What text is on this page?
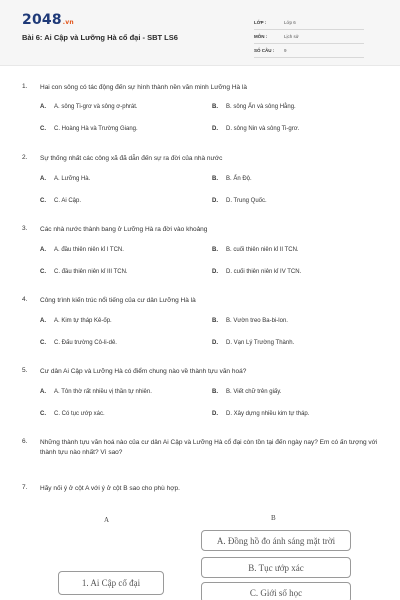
2048.vn
Bài 6: Ai Cập và Lưỡng Hà cổ đại - SBT LS6
LỚP :	Lớp 6
MÔN :	Lịch sử
SỐ CÂU :	9
1. Hai con sông có tác động đến sự hình thành nền văn minh Lưỡng Hà là
A.	A. sông Ti-grơ và sông ơ-phrát.	B.	B. sông Ấn và sông Hằng.
C.	C. Hoàng Hà và Trường Giang.	D.	D. sông Nin và sông Ti-grơ.
2. Sự thống nhất các công xã đã dẫn đến sự ra đời của nhà nước
A.	A. Lưỡng Hà.	B.	B. Ấn Độ.
C.	C. Ai Cập.	D.	D. Trung Quốc.
3. Các nhà nước thành bang ở Lưỡng Hà ra đời vào khoảng
A.	A. đầu thiên niên kỉ I TCN.	B.	B. cuối thiên niên kỉ II TCN.
C.	C. đầu thiên niên kỉ III TCN.	D.	D. cuối thiên niên kỉ IV TCN.
4. Công trình kiến trúc nổi tiếng của cư dân Lưỡng Hà là
A.	A. Kim tự tháp Kê-ốp.	B.	B. Vườn treo Ba-bi-lon.
C.	C. Đấu trường Cô-li-dê.	D.	D. Vạn Lý Trường Thành.
5. Cư dân Ai Cập và Lưỡng Hà có điểm chung nào về thành tựu văn hoá?
A.	A. Tôn thờ rất nhiều vị thần tự nhiên.	B.	B. Viết chữ trên giấy.
C.	C. Có tục ướp xác.	D.	D. Xây dựng nhiều kim tự tháp.
6. Những thành tựu văn hoá nào của cư dân Ai Cập và Lưỡng Hà cổ đại còn tồn tại đến ngày nay? Em có ấn tượng với thành tựu nào nhất? Vì sao?
7. Hãy nối ý ở cột A với ý ở cột B sao cho phù hợp.
A	B
A. Đồng hồ đo ánh sáng mặt trời
B. Tục ướp xác
1. Ai Cập cổ đại
C. Giới số học
